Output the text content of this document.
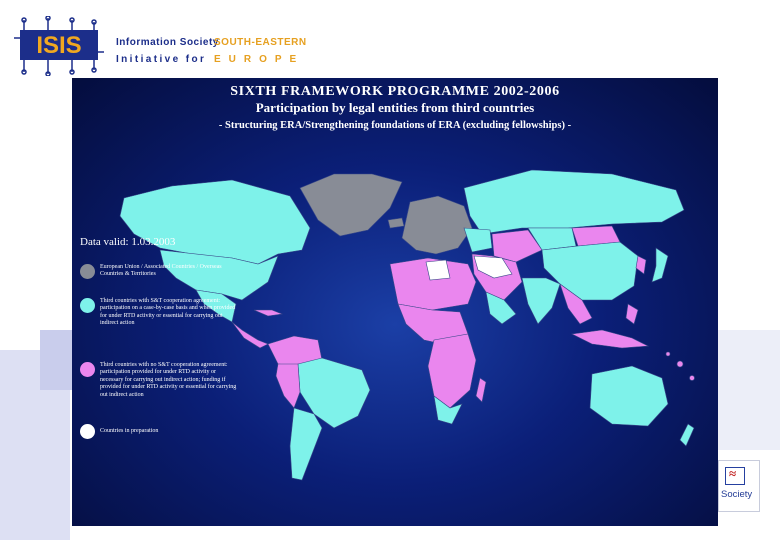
ISIS	Information Society
SOUTH-EASTERN
Initiative for EUROPE
SIXTH FRAMEWORK PROGRAMME 2002-2006
Participation by legal entities from third countries
- Structuring ERA/Strengthening foundations of ERA (excluding fellowships) -
Data valid: 1.03.2003
European Union / Associated Countries / Overseas Countries & Territories
Third countries with S&T cooperation agreement: participation on a case-by-case basis and when provided for under RTD activity or essential for carrying out indirect action
Third countries with no S&T cooperation agreement: participation provided for under RTD activity or necessary for carrying out indirect action; funding if provided for under RTD activity or essential for carrying out indirect action
Countries in preparation
≈
Society
